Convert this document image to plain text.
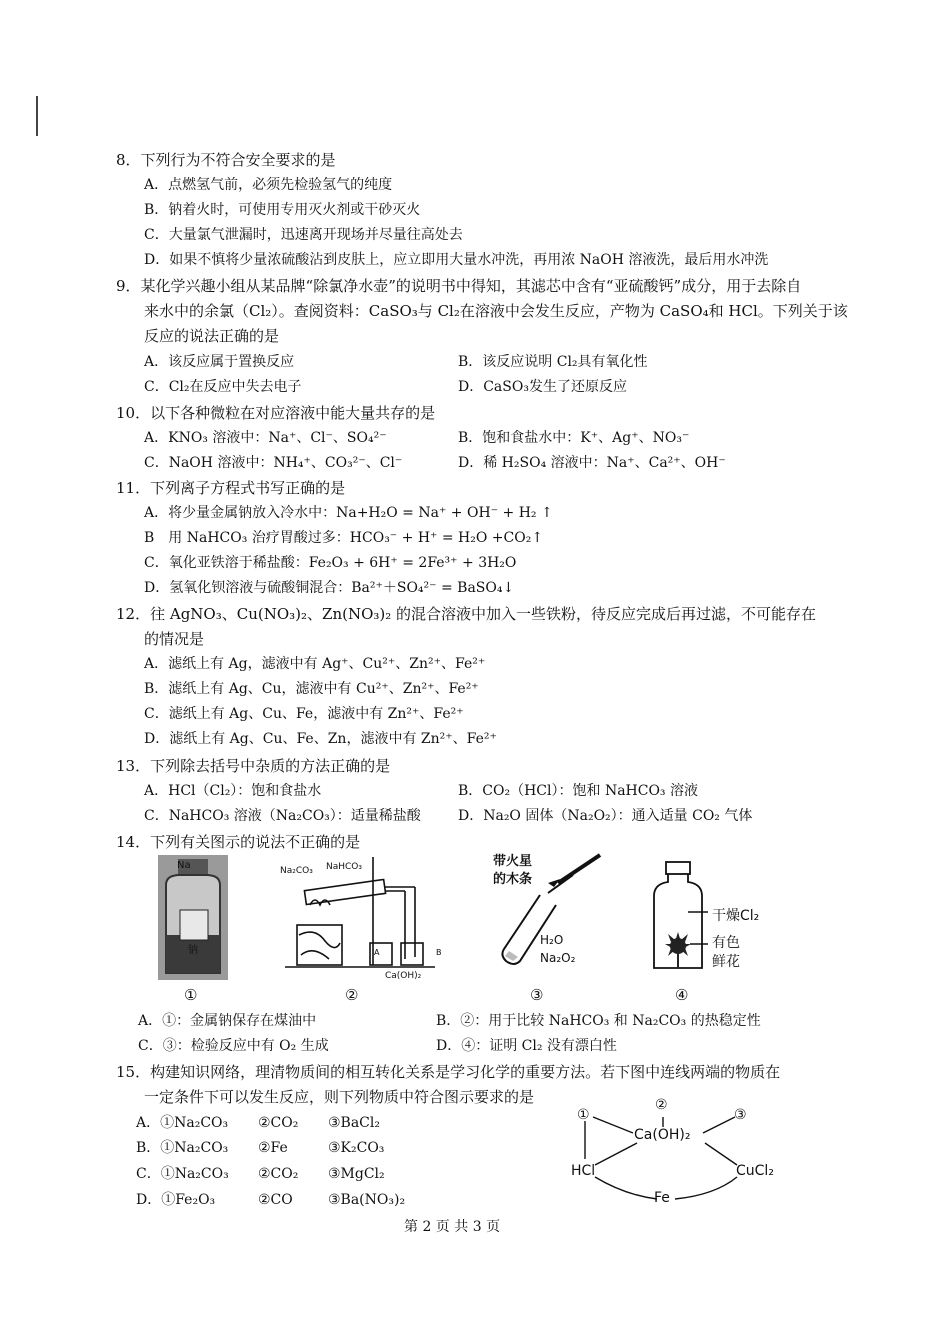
8．下列行为不符合安全要求的是
A．点燃氢气前，必须先检验氢气的纯度
B．钠着火时，可使用专用灭火剂或干砂灭火
C．大量氯气泄漏时，迅速离开现场并尽量往高处去
D．如果不慎将少量浓硫酸沾到皮肤上，应立即用大量水冲洗，再用浓 NaOH 溶液洗，最后用水冲洗
9．某化学兴趣小组从某品牌“除氯净水壶”的说明书中得知，其滤芯中含有“亚硫酸钙”成分，用于去除自
来水中的余氯（Cl₂）。查阅资料：CaSO₃与 Cl₂在溶液中会发生反应，产物为 CaSO₄和 HCl。下列关于该
反应的说法正确的是
A．该反应属于置换反应	B．该反应说明 Cl₂具有氧化性
C．Cl₂在反应中失去电子	D．CaSO₃发生了还原反应
10．以下各种微粒在对应溶液中能大量共存的是
A．KNO₃ 溶液中：Na⁺、Cl⁻、SO₄²⁻	B．饱和食盐水中：K⁺、Ag⁺、NO₃⁻
C．NaOH 溶液中：NH₄⁺、CO₃²⁻、Cl⁻	D．稀 H₂SO₄ 溶液中：Na⁺、Ca²⁺、OH⁻
11．下列离子方程式书写正确的是
A．将少量金属钠放入冷水中：Na+H₂O = Na⁺ + OH⁻ + H₂ ↑
B　用 NaHCO₃ 治疗胃酸过多：HCO₃⁻ + H⁺ = H₂O +CO₂↑
C．氧化亚铁溶于稀盐酸：Fe₂O₃ + 6H⁺ = 2Fe³⁺ + 3H₂O
D．氢氧化钡溶液与硫酸铜混合：Ba²⁺＋SO₄²⁻ = BaSO₄↓
12．往 AgNO₃、Cu(NO₃)₂、Zn(NO₃)₂ 的混合溶液中加入一些铁粉，待反应完成后再过滤，不可能存在
的情况是
A．滤纸上有 Ag，滤液中有 Ag⁺、Cu²⁺、Zn²⁺、Fe²⁺
B．滤纸上有 Ag、Cu，滤液中有 Cu²⁺、Zn²⁺、Fe²⁺
C．滤纸上有 Ag、Cu、Fe，滤液中有 Zn²⁺、Fe²⁺
D．滤纸上有 Ag、Cu、Fe、Zn，滤液中有 Zn²⁺、Fe²⁺
13．下列除去括号中杂质的方法正确的是
A．HCl（Cl₂）：饱和食盐水	B．CO₂（HCl）：饱和 NaHCO₃ 溶液
C．NaHCO₃ 溶液（Na₂CO₃）：适量稀盐酸	D．Na₂O 固体（Na₂O₂）：通入适量 CO₂ 气体
14．下列有关图示的说法不正确的是
Na
钠
Na₂CO₃ NaHCO₃
A	B
Ca(OH)₂
带火星
的木条
H₂O
Na₂O₂
干燥Cl₂
有色
鲜花
①	②	③	④
A．①：金属钠保存在煤油中	B．②：用于比较 NaHCO₃ 和 Na₂CO₃ 的热稳定性
C．③：检验反应中有 O₂ 生成	D．④：证明 Cl₂ 没有漂白性
15．构建知识网络，理清物质间的相互转化关系是学习化学的重要方法。若下图中连线两端的物质在
一定条件下可以发生反应，则下列物质中符合图示要求的是
A．①Na₂CO₃ ②CO₂ ③BaCl₂
B．①Na₂CO₃ ②Fe	③K₂CO₃
C．①Na₂CO₃ ②CO₂ ③MgCl₂
D．①Fe₂O₃	②CO	③Ba(NO₃)₂
①
②
③
Ca(OH)₂
HCl	CuCl₂
Fe
第 2 页 共 3 页
